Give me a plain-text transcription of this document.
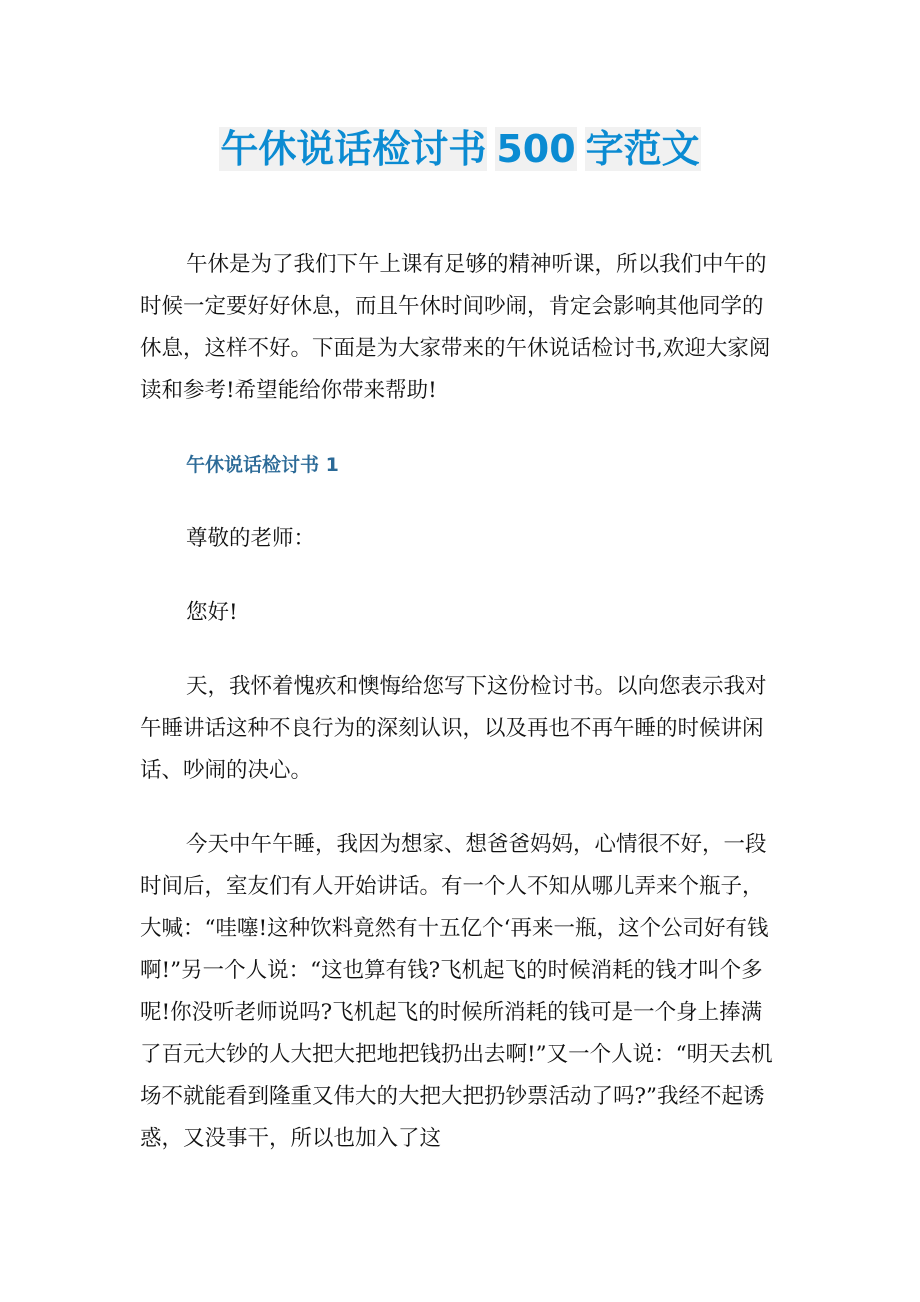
午休说话检讨书 500 字范文

午休是为了我们下午上课有足够的精神听课，所以我们中午的时候一定要好好休息，而且午休时间吵闹，肯定会影响其他同学的休息，这样不好。下面是为大家带来的午休说话检讨书,欢迎大家阅读和参考!希望能给你带来帮助!

午休说话检讨书 1

尊敬的老师：

您好!

天，我怀着愧疚和懊悔给您写下这份检讨书。以向您表示我对午睡讲话这种不良行为的深刻认识，以及再也不再午睡的时候讲闲话、吵闹的决心。

今天中午午睡，我因为想家、想爸爸妈妈，心情很不好，一段时间后，室友们有人开始讲话。有一个人不知从哪儿弄来个瓶子，大喊：“哇噻!这种饮料竟然有十五亿个‘再来一瓶，这个公司好有钱啊!”另一个人说：“这也算有钱?飞机起飞的时候消耗的钱才叫个多呢!你没听老师说吗?飞机起飞的时候所消耗的钱可是一个身上捧满了百元大钞的人大把大把地把钱扔出去啊!”又一个人说：“明天去机场不就能看到隆重又伟大的大把大把扔钞票活动了吗?”我经不起诱惑，又没事干，所以也加入了这
